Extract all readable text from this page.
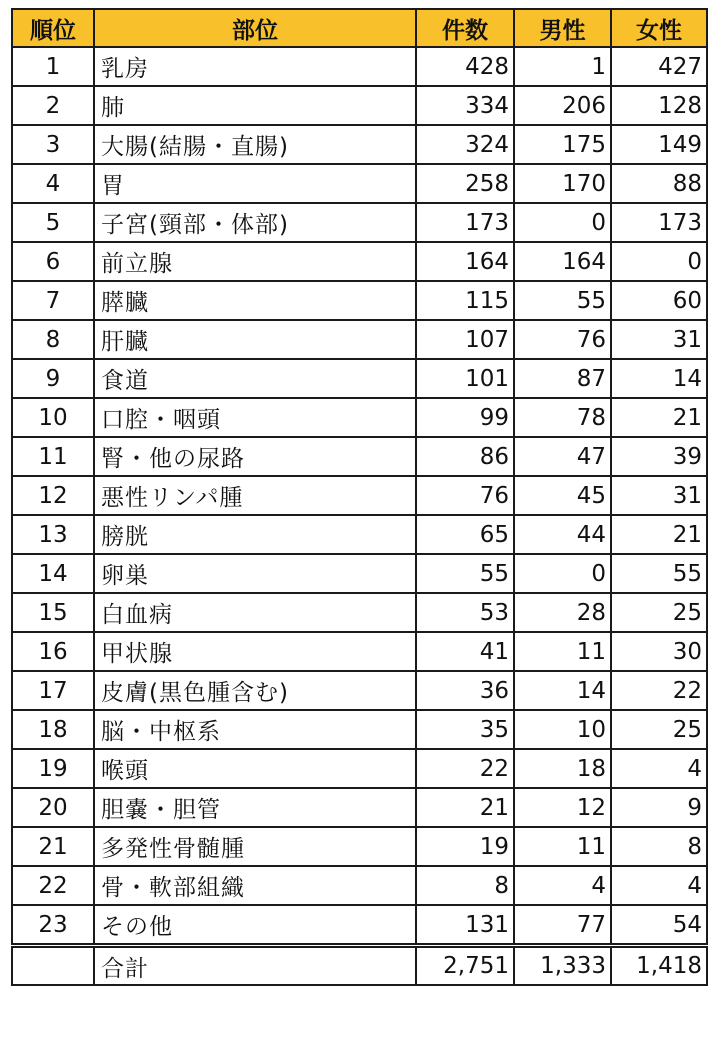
順位	部位	件数	男性	女性
1	乳房	428	1	427
2	肺	334	206	128
3	大腸(結腸・直腸)	324	175	149
4	胃	258	170	88
5	子宮(頸部・体部)	173	0	173
6	前立腺	164	164	0
7	膵臓	115	55	60
8	肝臓	107	76	31
9	食道	101	87	14
10	口腔・咽頭	99	78	21
11	腎・他の尿路	86	47	39
12	悪性リンパ腫	76	45	31
13	膀胱	65	44	21
14	卵巣	55	0	55
15	白血病	53	28	25
16	甲状腺	41	11	30
17	皮膚(黒色腫含む)	36	14	22
18	脳・中枢系	35	10	25
19	喉頭	22	18	4
20	胆嚢・胆管	21	12	9
21	多発性骨髄腫	19	11	8
22	骨・軟部組織	8	4	4
23	その他	131	77	54
	合計	2,751	1,333	1,418
